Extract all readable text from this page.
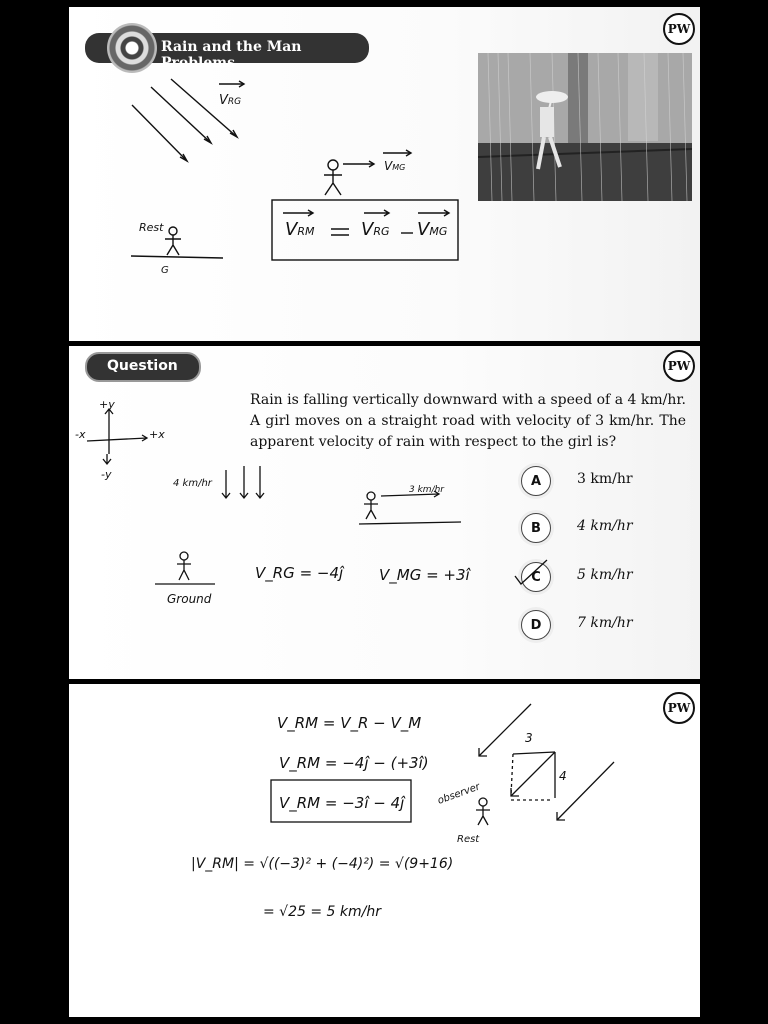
Rain and the Man Problems
PW
VRG
VMG
VRM	VRG VMG
Rest
G
Question	PW
Rain is falling vertically downward with a speed of a 4 km/hr. A girl moves on a straight road with velocity of 3 km/hr. The apparent velocity of rain with respect to the girl is?
A	3 km/hr
B	4 km/hr
C	5 km/hr
D	7 km/hr
+y
-y
+x
-x
4 km/hr
3 km/hr
Ground
V_RG = −4ĵ V_MG = +3î
PW
V_RM = V_R − V_M
V_RM = −4ĵ − (+3î)
V_RM = −3î − 4ĵ
|V_RM| = √((−3)² + (−4)²) = √(9+16)
= √25 = 5 km/hr
observer
Rest
3
4
